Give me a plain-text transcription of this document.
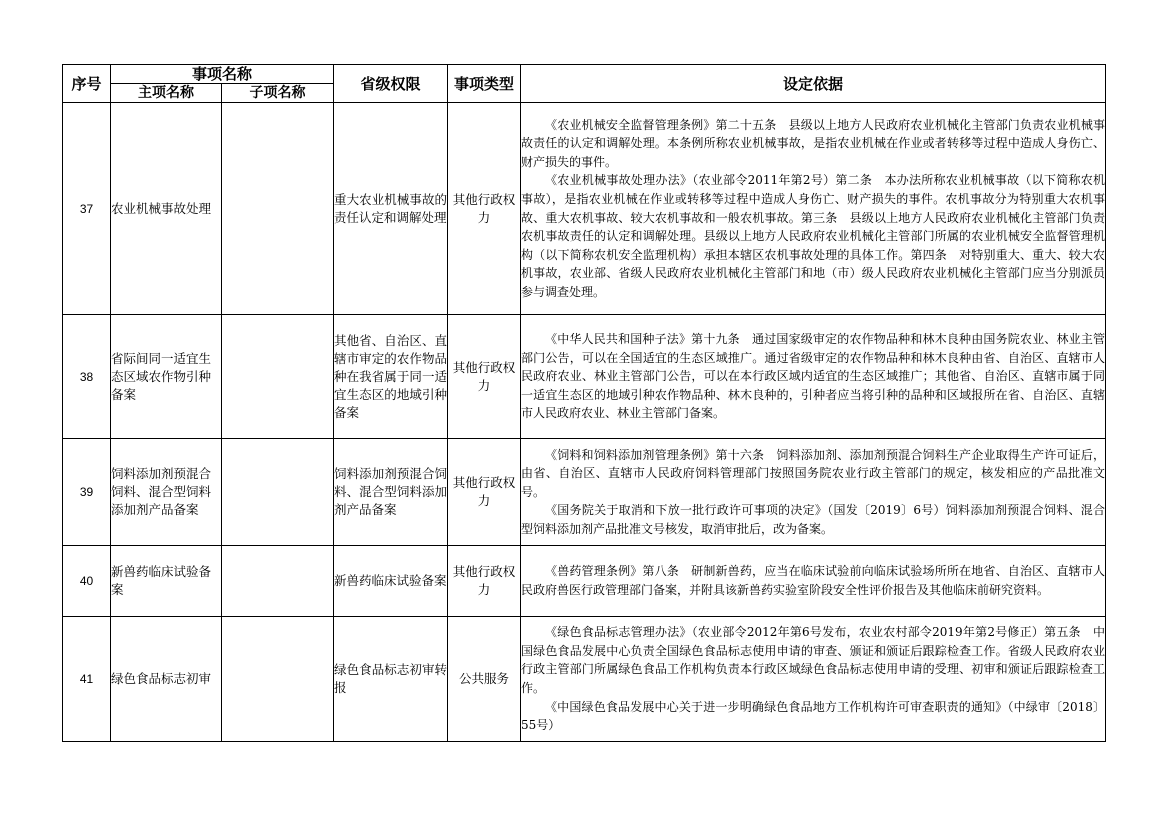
序号	事项名称		省级权限	事项类型	设定依据
	主项名称	子项名称			
37	农业机械事故处理		重大农业机械事故的责任认定和调解处理	其他行政权力	《农业机械安全监督管理条例》第二十五条　县级以上地方人民政府农业机械化主管部门负责农业机械事故责任的认定和调解处理。本条例所称农业机械事故，是指农业机械在作业或者转移等过程中造成人身伤亡、财产损失的事件。

《农业机械事故处理办法》（农业部令2011年第2号）第二条　本办法所称农业机械事故（以下简称农机事故），是指农业机械在作业或转移等过程中造成人身伤亡、财产损失的事件。农机事故分为特别重大农机事故、重大农机事故、较大农机事故和一般农机事故。第三条　县级以上地方人民政府农业机械化主管部门负责农机事故责任的认定和调解处理。县级以上地方人民政府农业机械化主管部门所属的农业机械安全监督管理机构（以下简称农机安全监理机构）承担本辖区农机事故处理的具体工作。第四条　对特别重大、重大、较大农机事故，农业部、省级人民政府农业机械化主管部门和地（市）级人民政府农业机械化主管部门应当分别派员参与调查处理。

38	省际间同一适宜生态区域农作物引种备案		其他省、自治区、直辖市审定的农作物品种在我省属于同一适宜生态区的地域引种备案	其他行政权力	《中华人民共和国种子法》第十九条　通过国家级审定的农作物品种和林木良种由国务院农业、林业主管部门公告，可以在全国适宜的生态区域推广。通过省级审定的农作物品种和林木良种由省、自治区、直辖市人民政府农业、林业主管部门公告，可以在本行政区域内适宜的生态区域推广；其他省、自治区、直辖市属于同一适宜生态区的地域引种农作物品种、林木良种的，引种者应当将引种的品种和区域报所在省、自治区、直辖市人民政府农业、林业主管部门备案。

39	饲料添加剂预混合饲料、混合型饲料添加剂产品备案		饲料添加剂预混合饲料、混合型饲料添加剂产品备案	其他行政权力	《饲料和饲料添加剂管理条例》第十六条　饲料添加剂、添加剂预混合饲料生产企业取得生产许可证后，由省、自治区、直辖市人民政府饲料管理部门按照国务院农业行政主管部门的规定，核发相应的产品批准文号。

《国务院关于取消和下放一批行政许可事项的决定》（国发〔2019〕6号）饲料添加剂预混合饲料、混合型饲料添加剂产品批准文号核发，取消审批后，改为备案。

40	新兽药临床试验备案		新兽药临床试验备案	其他行政权力	《兽药管理条例》第八条　研制新兽药，应当在临床试验前向临床试验场所所在地省、自治区、直辖市人民政府兽医行政管理部门备案，并附具该新兽药实验室阶段安全性评价报告及其他临床前研究资料。

41	绿色食品标志初审		绿色食品标志初审转报	公共服务	《绿色食品标志管理办法》（农业部令2012年第6号发布，农业农村部令2019年第2号修正）第五条　中国绿色食品发展中心负责全国绿色食品标志使用申请的审查、颁证和颁证后跟踪检查工作。省级人民政府农业行政主管部门所属绿色食品工作机构负责本行政区域绿色食品标志使用申请的受理、初审和颁证后跟踪检查工作。

《中国绿色食品发展中心关于进一步明确绿色食品地方工作机构许可审查职责的通知》（中绿审〔2018〕55号）
